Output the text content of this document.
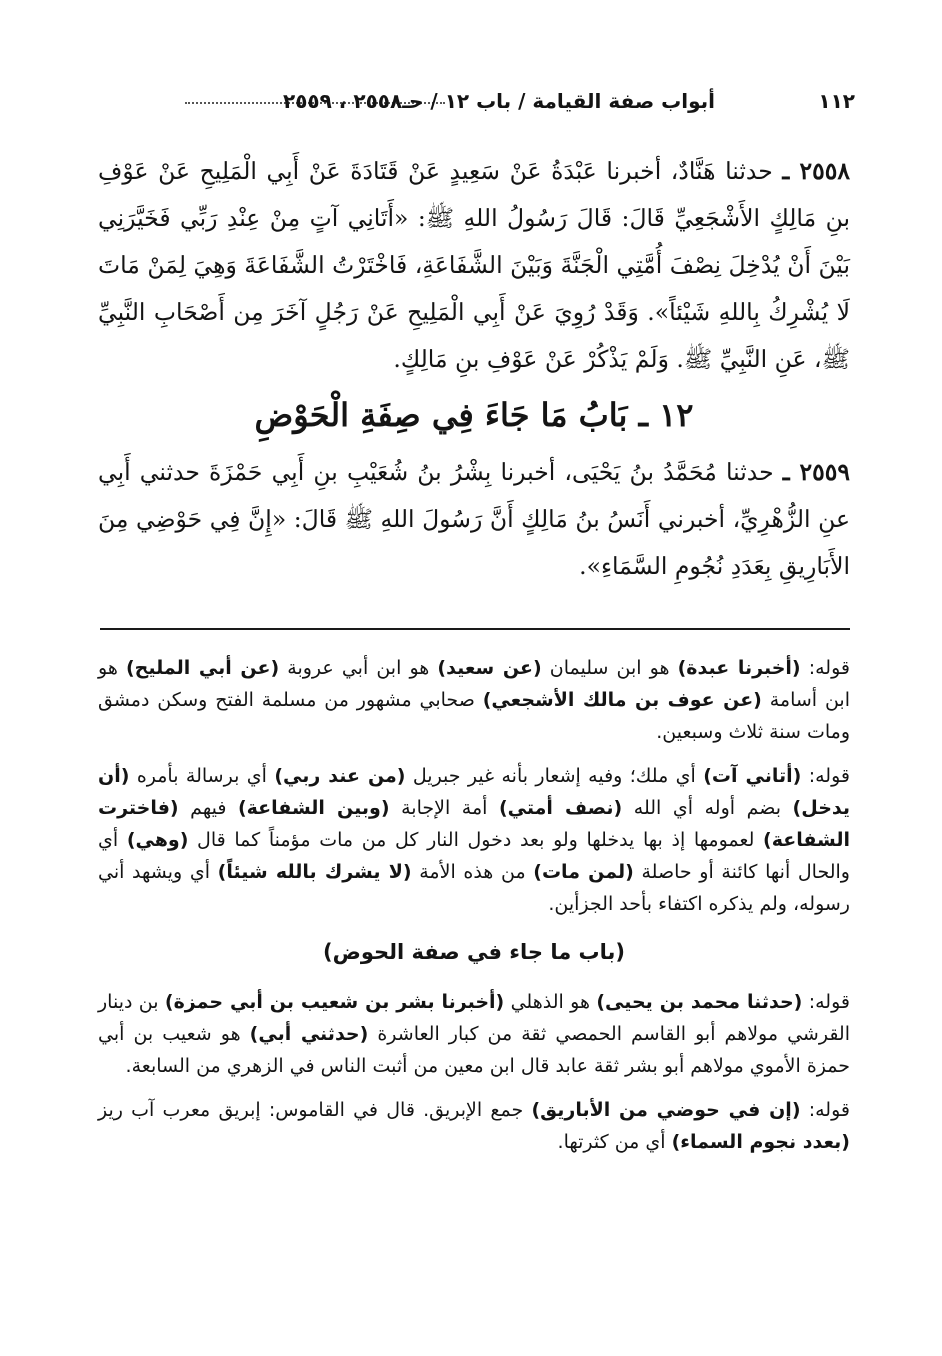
١١٢
أبواب صفة القيامة / باب ١٢ / حـ٢٥٥٨ ، ٢٥٥٩

٢٥٥٨ ـ حدثنا هَنَّادٌ، أخبرنا عَبْدَةُ عَنْ سَعِيدٍ عَنْ قَتَادَةَ عَنْ أَبِي الْمَلِيحِ عَنْ عَوْفِ بنِ مَالِكٍ الأَشْجَعِيِّ قَالَ: قَالَ رَسُولُ اللهِ ﷺ: «أَتَانِي آتٍ مِنْ عِنْدِ رَبِّي فَخَيَّرَنِي بَيْنَ أَنْ يُدْخِلَ نِصْفَ أُمَّتِي الْجَنَّةَ وَبَيْنَ الشَّفَاعَةِ، فَاخْتَرْتُ الشَّفَاعَةَ وَهِيَ لِمَنْ مَاتَ لَا يُشْرِكُ بِاللهِ شَيْئاً». وَقَدْ رُوِيَ عَنْ أَبِي الْمَلِيحِ عَنْ رَجُلٍ آخَرَ مِن أَصْحَابِ النَّبِيِّ ﷺ، عَنِ النَّبِيِّ ﷺ. وَلَمْ يَذْكُرْ عَنْ عَوْفِ بنِ مَالِكٍ.

١٢ ـ بَابُ مَا جَاءَ فِي صِفَةِ الْحَوْضِ

٢٥٥٩ ـ حدثنا مُحَمَّدُ بنُ يَحْيَى، أخبرنا بِشْرُ بنُ شُعَيْبِ بنِ أَبِي حَمْزَةَ حدثني أَبِي عنِ الزُّهْرِيِّ، أخبرني أَنَسُ بنُ مَالِكٍ أَنَّ رَسُولَ اللهِ ﷺ قَالَ: «إِنَّ فِي حَوْضِي مِنَ الأَبَارِيقِ بِعَدَدِ نُجُومِ السَّمَاءِ».

قوله: (أخبرنا عبدة) هو ابن سليمان (عن سعيد) هو ابن أبي عروبة (عن أبي المليح) هو ابن أسامة (عن عوف بن مالك الأشجعي) صحابي مشهور من مسلمة الفتح وسكن دمشق ومات سنة ثلاث وسبعين.

قوله: (أتاني آت) أي ملك؛ وفيه إشعار بأنه غير جبريل (من عند ربي) أي برسالة بأمره (أن يدخل) بضم أوله أي الله (نصف أمتي) أمة الإجابة (وبين الشفاعة) فيهم (فاخترت الشفاعة) لعمومها إذ بها يدخلها ولو بعد دخول النار كل من مات مؤمناً كما قال (وهي) أي والحال أنها كائنة أو حاصلة (لمن مات) من هذه الأمة (لا يشرك بالله شيئاً) أي ويشهد أني رسوله، ولم يذكره اكتفاء بأحد الجزأين.

(باب ما جاء في صفة الحوض)

قوله: (حدثنا محمد بن يحيى) هو الذهلي (أخبرنا بشر بن شعيب بن أبي حمزة) بن دينار القرشي مولاهم أبو القاسم الحمصي ثقة من كبار العاشرة (حدثني أبي) هو شعيب بن أبي حمزة الأموي مولاهم أبو بشر ثقة عابد قال ابن معين من أثبت الناس في الزهري من السابعة.

قوله: (إن في حوضي من الأباريق) جمع الإبريق. قال في القاموس: إبريق معرب آب ريز (بعدد نجوم السماء) أي من كثرتها.
